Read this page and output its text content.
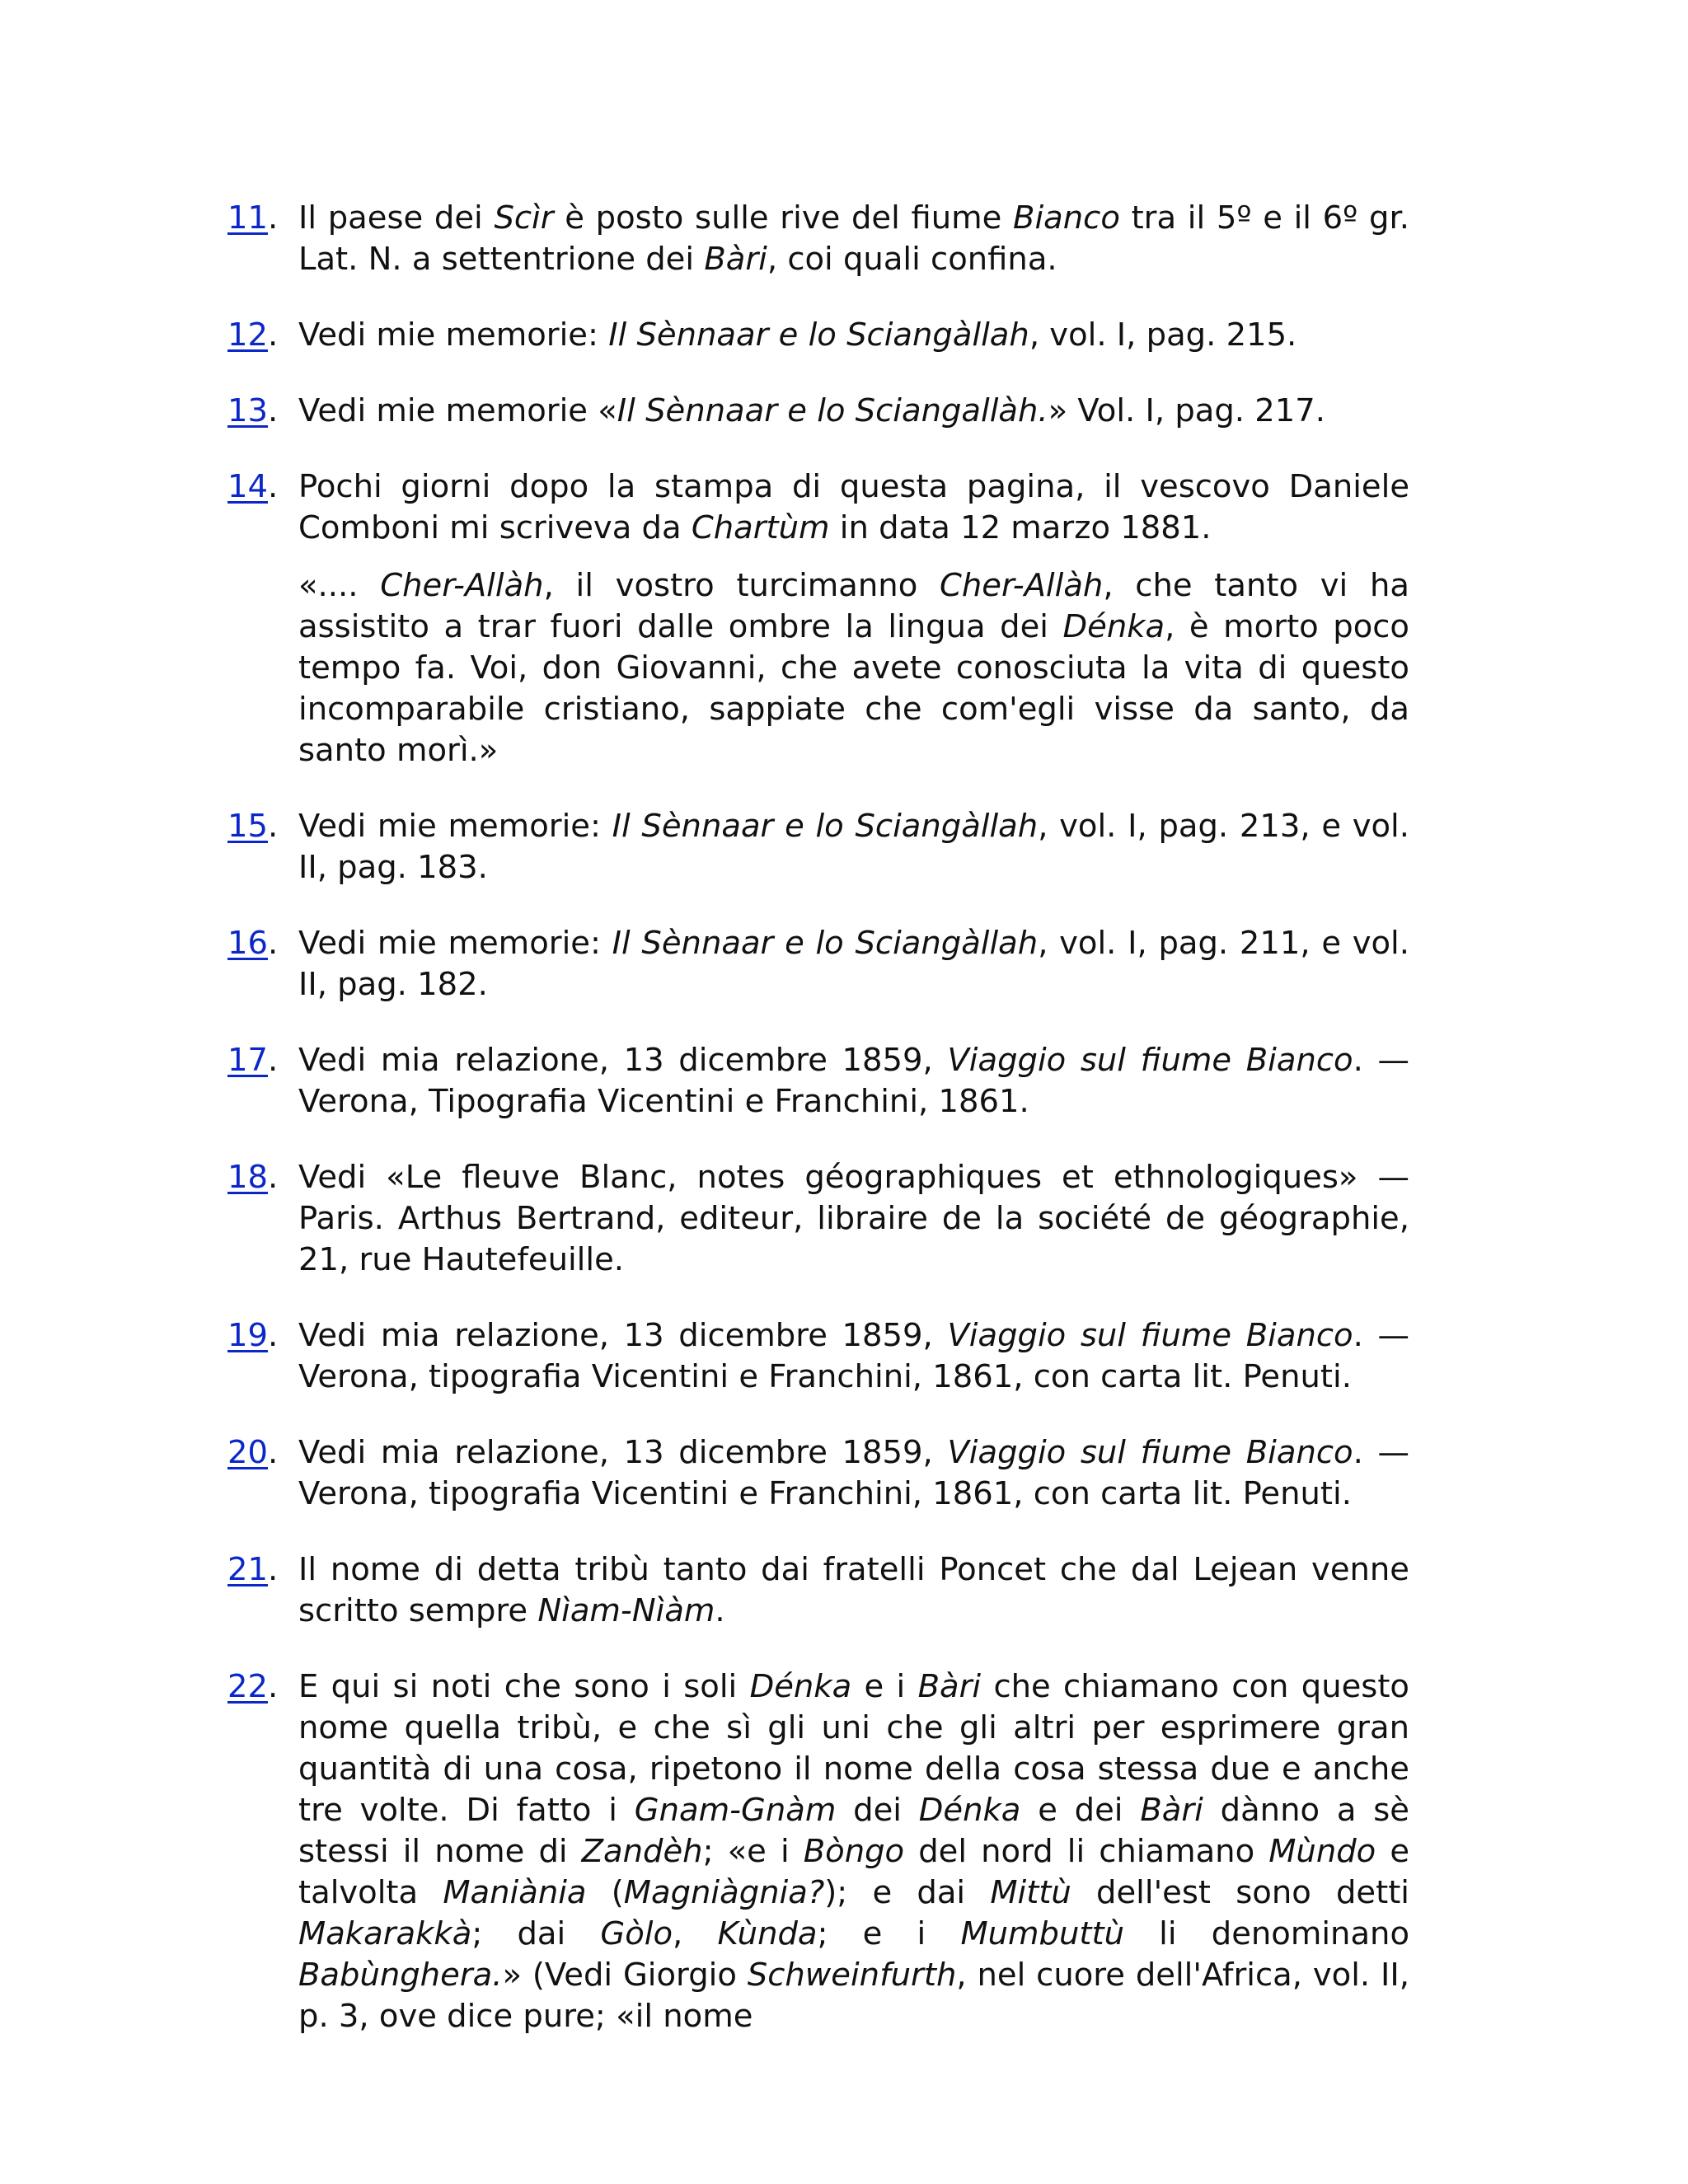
11. Il paese dei Scìr è posto sulle rive del fiume Bianco tra il 5º e il 6º gr. Lat. N. a settentrione dei Bàri, coi quali confina.

12. Vedi mie memorie: Il Sènnaar e lo Sciangàllah, vol. I, pag. 215.

13. Vedi mie memorie «Il Sènnaar e lo Sciangallàh.» Vol. I, pag. 217.

14. Pochi giorni dopo la stampa di questa pagina, il vescovo Daniele Comboni mi scriveva da Chartùm in data 12 marzo 1881.

«.... Cher-Allàh, il vostro turcimanno Cher-Allàh, che tanto vi ha assistito a trar fuori dalle ombre la lingua dei Dénka, è morto poco tempo fa. Voi, don Giovanni, che avete conosciuta la vita di questo incomparabile cristiano, sappiate che com'egli visse da santo, da santo morì.»

15. Vedi mie memorie: Il Sènnaar e lo Sciangàllah, vol. I, pag. 213, e vol. II, pag. 183.

16. Vedi mie memorie: Il Sènnaar e lo Sciangàllah, vol. I, pag. 211, e vol. II, pag. 182.

17. Vedi mia relazione, 13 dicembre 1859, Viaggio sul fiume Bianco. — Verona, Tipografia Vicentini e Franchini, 1861.

18. Vedi «Le fleuve Blanc, notes géographiques et ethnologiques» — Paris. Arthus Bertrand, editeur, libraire de la société de géographie, 21, rue Hautefeuille.

19. Vedi mia relazione, 13 dicembre 1859, Viaggio sul fiume Bianco. — Verona, tipografia Vicentini e Franchini, 1861, con carta lit. Penuti.

20. Vedi mia relazione, 13 dicembre 1859, Viaggio sul fiume Bianco. — Verona, tipografia Vicentini e Franchini, 1861, con carta lit. Penuti.

21. Il nome di detta tribù tanto dai fratelli Poncet che dal Lejean venne scritto sempre Nìam-Nìàm.

22. E qui si noti che sono i soli Dénka e i Bàri che chiamano con questo nome quella tribù, e che sì gli uni che gli altri per esprimere gran quantità di una cosa, ripetono il nome della cosa stessa due e anche tre volte. Di fatto i Gnam-Gnàm dei Dénka e dei Bàri dànno a sè stessi il nome di Zandèh; «e i Bòngo del nord li chiamano Mùndo e talvolta Maniània (Magniàgnia?); e dai Mittù dell'est sono detti Makarakkà; dai Gòlo, Kùnda; e i Mumbuttù li denominano Babùnghera.» (Vedi Giorgio Schweinfurth, nel cuore dell'Africa, vol. II, p. 3, ove dice pure; «il nome
